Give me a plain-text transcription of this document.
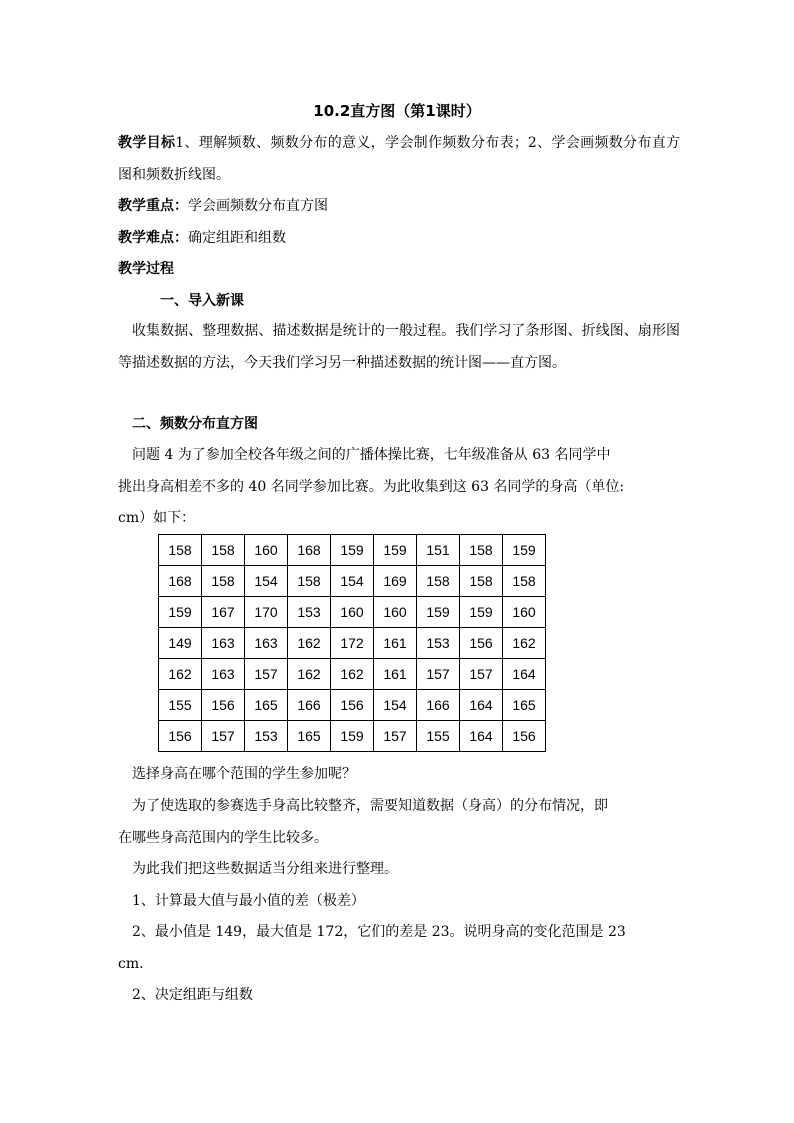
10.2直方图（第1课时）
教学目标1、理解频数、频数分布的意义，学会制作频数分布表；2、学会画频数分布直方图和频数折线图。
教学重点：学会画频数分布直方图
教学难点：确定组距和组数
教学过程
一、导入新课
收集数据、整理数据、描述数据是统计的一般过程。我们学习了条形图、折线图、扇形图等描述数据的方法，今天我们学习另一种描述数据的统计图——直方图。
二、频数分布直方图
问题 4 为了参加全校各年级之间的广播体操比赛，七年级准备从 63 名同学中
挑出身高相差不多的 40 名同学参加比赛。为此收集到这 63 名同学的身高（单位:
cm）如下：
158	158	160	168	159	159	151	158	159
168	158	154	158	154	169	158	158	158
159	167	170	153	160	160	159	159	160
149	163	163	162	172	161	153	156	162
162	163	157	162	162	161	157	157	164
155	156	165	166	156	154	166	164	165
156	157	153	165	159	157	155	164	156
选择身高在哪个范围的学生参加呢？
为了使选取的参赛选手身高比较整齐，需要知道数据（身高）的分布情况，即
在哪些身高范围内的学生比较多。
为此我们把这些数据适当分组来进行整理。
1、计算最大值与最小值的差（极差）
2、最小值是 149，最大值是 172，它们的差是 23。说明身高的变化范围是 23
cm.
2、决定组距与组数
